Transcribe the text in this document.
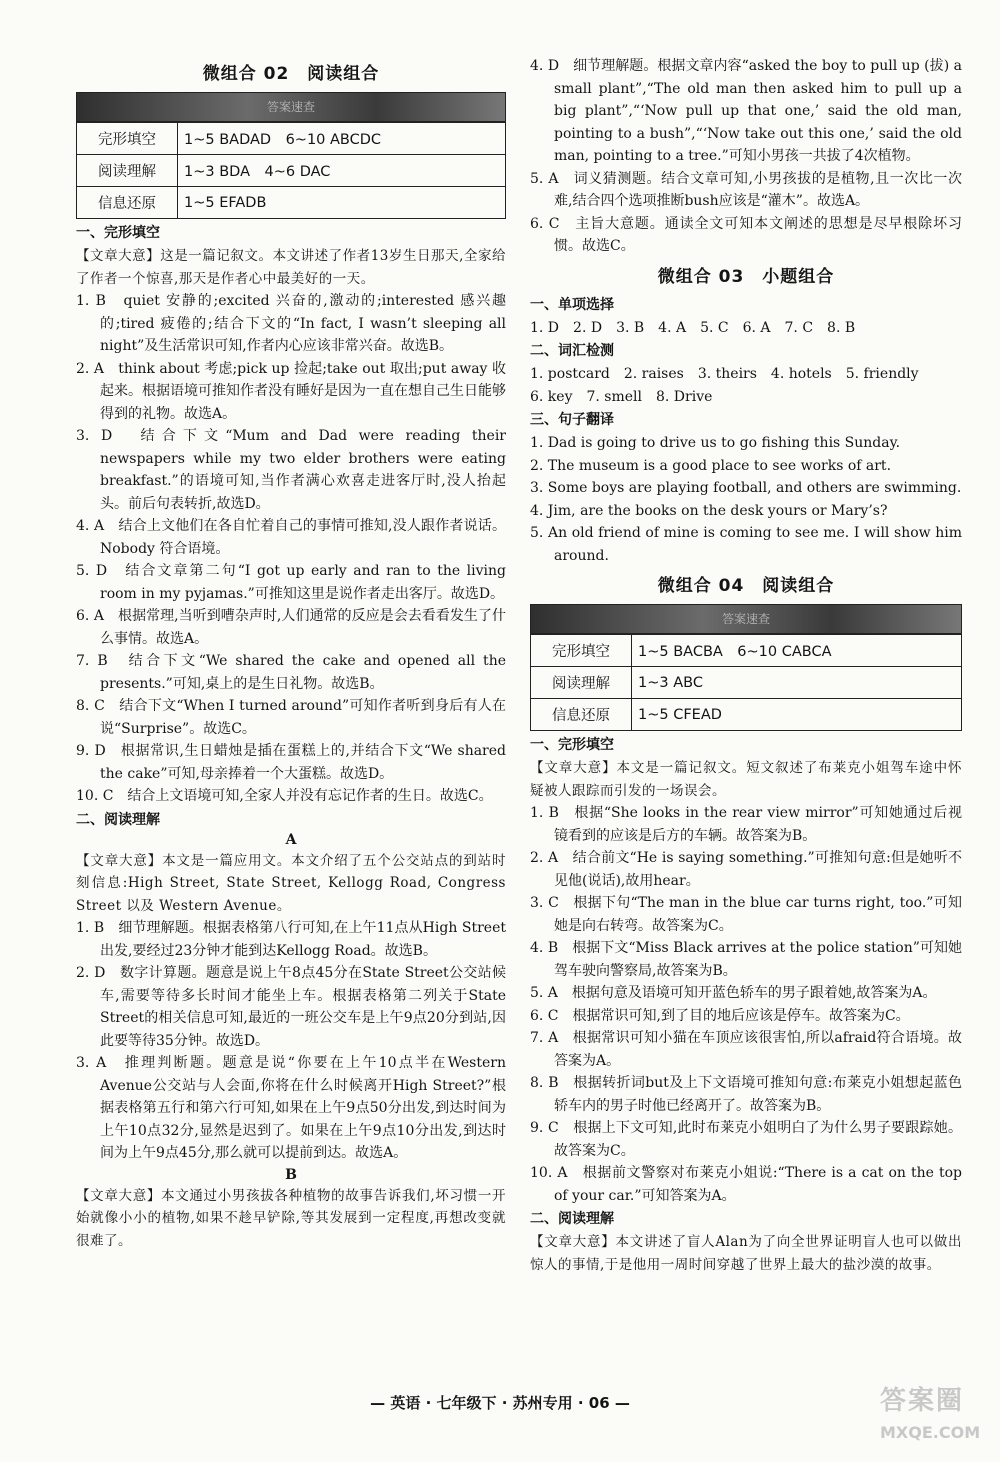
微组合 02　阅读组合
答案速查
完形填空	1~5 BADAD　6~10 ABCDC
阅读理解	1~3 BDA　4~6 DAC
信息还原	1~5 EFADB
一、完形填空

【文章大意】这是一篇记叙文。本文讲述了作者13岁生日那天,全家给了作者一个惊喜,那天是作者心中最美好的一天。

1. B　quiet 安静的;excited 兴奋的,激动的;interested 感兴趣的;tired 疲倦的;结合下文的“In fact, I wasn’t sleeping all night”及生活常识可知,作者内心应该非常兴奋。故选B。

2. A　think about 考虑;pick up 捡起;take out 取出;put away 收起来。根据语境可推知作者没有睡好是因为一直在想自己生日能够得到的礼物。故选A。

3. D　结合下文“Mum and Dad were reading their newspapers while my two elder brothers were eating breakfast.”的语境可知,当作者满心欢喜走进客厅时,没人抬起头。前后句表转折,故选D。

4. A　结合上文他们在各自忙着自己的事情可推知,没人跟作者说话。Nobody 符合语境。

5. D　结合文章第二句“I got up early and ran to the living room in my pyjamas.”可推知这里是说作者走出客厅。故选D。

6. A　根据常理,当听到嘈杂声时,人们通常的反应是会去看看发生了什么事情。故选A。

7. B　结合下文“We shared the cake and opened all the presents.”可知,桌上的是生日礼物。故选B。

8. C　结合下文“When I turned around”可知作者听到身后有人在说“Surprise”。故选C。

9. D　根据常识,生日蜡烛是插在蛋糕上的,并结合下文“We shared the cake”可知,母亲捧着一个大蛋糕。故选D。

10. C　结合上文语境可知,全家人并没有忘记作者的生日。故选C。

二、阅读理解
A

【文章大意】本文是一篇应用文。本文介绍了五个公交站点的到站时刻信息:High Street, State Street, Kellogg Road, Congress Street 以及 Western Avenue。

1. B　细节理解题。根据表格第八行可知,在上午11点从High Street出发,要经过23分钟才能到达Kellogg Road。故选B。

2. D　数字计算题。题意是说上午8点45分在State Street公交站候车,需要等待多长时间才能坐上车。根据表格第二列关于State Street的相关信息可知,最近的一班公交车是上午9点20分到站,因此要等待35分钟。故选D。

3. A　推理判断题。题意是说“你要在上午10点半在Western Avenue公交站与人会面,你将在什么时候离开High Street?”根据表格第五行和第六行可知,如果在上午9点50分出发,到达时间为上午10点32分,显然是迟到了。如果在上午9点10分出发,到达时间为上午9点45分,那么就可以提前到达。故选A。

B

【文章大意】本文通过小男孩拔各种植物的故事告诉我们,坏习惯一开始就像小小的植物,如果不趁早铲除,等其发展到一定程度,再想改变就很难了。

4. D　细节理解题。根据文章内容“asked the boy to pull up (拔) a small plant”,“The old man then asked him to pull up a big plant”,“‘Now pull up that one,’ said the old man, pointing to a bush”,“‘Now take out this one,’ said the old man, pointing to a tree.”可知小男孩一共拔了4次植物。

5. A　词义猜测题。结合文章可知,小男孩拔的是植物,且一次比一次难,结合四个选项推断bush应该是“灌木”。故选A。

6. C　主旨大意题。通读全文可知本文阐述的思想是尽早根除坏习惯。故选C。

微组合 03　小题组合
一、单项选择

1. D　2. D　3. B　4. A　5. C　6. A　7. C　8. B

二、词汇检测

1. postcard　2. raises　3. theirs　4. hotels　5. friendly

6. key　7. smell　8. Drive

三、句子翻译

1. Dad is going to drive us to go fishing this Sunday.

2. The museum is a good place to see works of art.

3. Some boys are playing football, and others are swimming.

4. Jim, are the books on the desk yours or Mary’s?

5. An old friend of mine is coming to see me. I will show him around.

微组合 04　阅读组合
答案速查
完形填空	1~5 BACBA　6~10 CABCA
阅读理解	1~3 ABC
信息还原	1~5 CFEAD
一、完形填空

【文章大意】本文是一篇记叙文。短文叙述了布莱克小姐驾车途中怀疑被人跟踪而引发的一场误会。

1. B　根据“She looks in the rear view mirror”可知她通过后视镜看到的应该是后方的车辆。故答案为B。

2. A　结合前文“He is saying something.”可推知句意:但是她听不见他(说话),故用hear。

3. C　根据下句“The man in the blue car turns right, too.”可知她是向右转弯。故答案为C。

4. B　根据下文“Miss Black arrives at the police station”可知她驾车驶向警察局,故答案为B。

5. A　根据句意及语境可知开蓝色轿车的男子跟着她,故答案为A。

6. C　根据常识可知,到了目的地后应该是停车。故答案为C。

7. A　根据常识可知小猫在车顶应该很害怕,所以afraid符合语境。故答案为A。

8. B　根据转折词but及上下文语境可推知句意:布莱克小姐想起蓝色轿车内的男子时他已经离开了。故答案为B。

9. C　根据上下文可知,此时布莱克小姐明白了为什么男子要跟踪她。故答案为C。

10. A　根据前文警察对布莱克小姐说:“There is a cat on the top of your car.”可知答案为A。

二、阅读理解

【文章大意】本文讲述了盲人Alan为了向全世界证明盲人也可以做出惊人的事情,于是他用一周时间穿越了世界上最大的盐沙漠的故事。

— 英语 · 七年级下 · 苏州专用 · 06 —	答案圈
MXQE.COM
